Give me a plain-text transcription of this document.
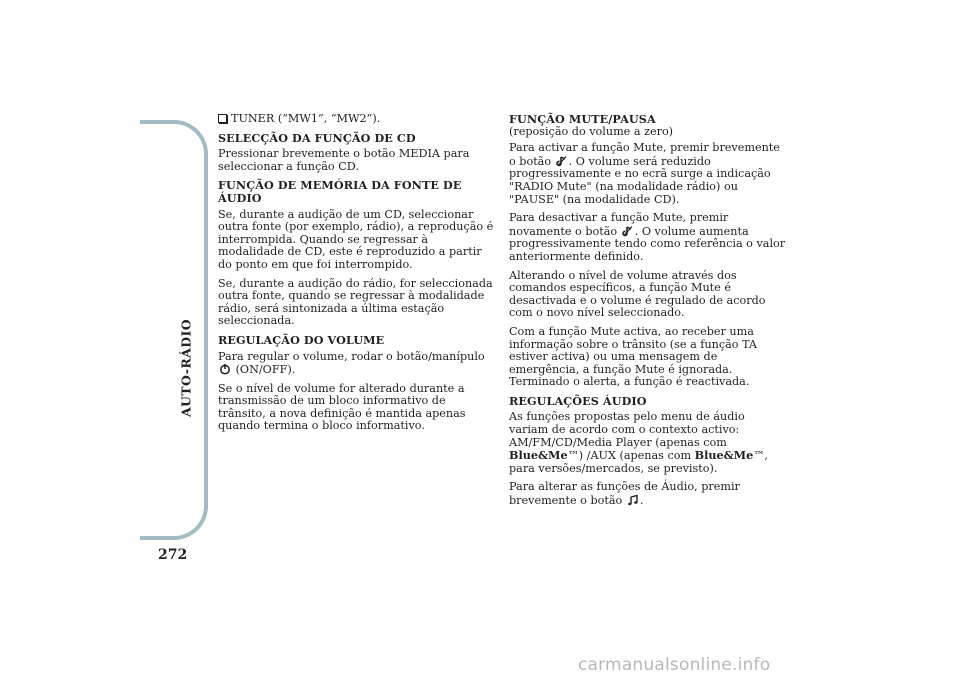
AUTO-RÁDIO
272

TUNER (“MW1”, “MW2”).

SELECÇÃO DA FUNÇÃO DE CD

Pressionar brevemente o botão MEDIA para seleccionar a função CD.

FUNÇÃO DE MEMÓRIA DA FONTE DE ÁUDIO

Se, durante a audição de um CD, seleccionar outra fonte (por exemplo, rádio), a reprodução é interrompida. Quando se regressar à modalidade de CD, este é reproduzido a partir do ponto em que foi interrompido.

Se, durante a audição do rádio, for seleccionada outra fonte, quando se regressar à modalidade rádio, será sintonizada a última estação seleccionada.

REGULAÇÃO DO VOLUME

Para regular o volume, rodar o botão/manípulo

(ON/OFF).

Se o nível de volume for alterado durante a transmissão de um bloco informativo de trânsito, a nova definição é mantida apenas quando termina o bloco informativo.

FUNÇÃO MUTE/PAUSA

(reposição do volume a zero)

Para activar a função Mute, premir brevemente o botão . O volume será reduzido progressivamente e no ecrã surge a indicação "RADIO Mute" (na modalidade rádio) ou "PAUSE" (na modalidade CD).

Para desactivar a função Mute, premir novamente o botão . O volume aumenta progressivamente tendo como referência o valor anteriormente definido.

Alterando o nível de volume através dos comandos específicos, a função Mute é desactivada e o volume é regulado de acordo com o novo nível seleccionado.

Com a função Mute activa, ao receber uma informação sobre o trânsito (se a função TA estiver activa) ou uma mensagem de emergência, a função Mute é ignorada. Terminado o alerta, a função é reactivada.

REGULAÇÕES ÁUDIO

As funções propostas pelo menu de áudio variam de acordo com o contexto activo: AM/FM/CD/Media Player (apenas com Blue&Me™) /AUX (apenas com Blue&Me™, para versões/mercados, se previsto).

Para alterar as funções de Áudio, premir brevemente o botão .

carmanualsonline.info
